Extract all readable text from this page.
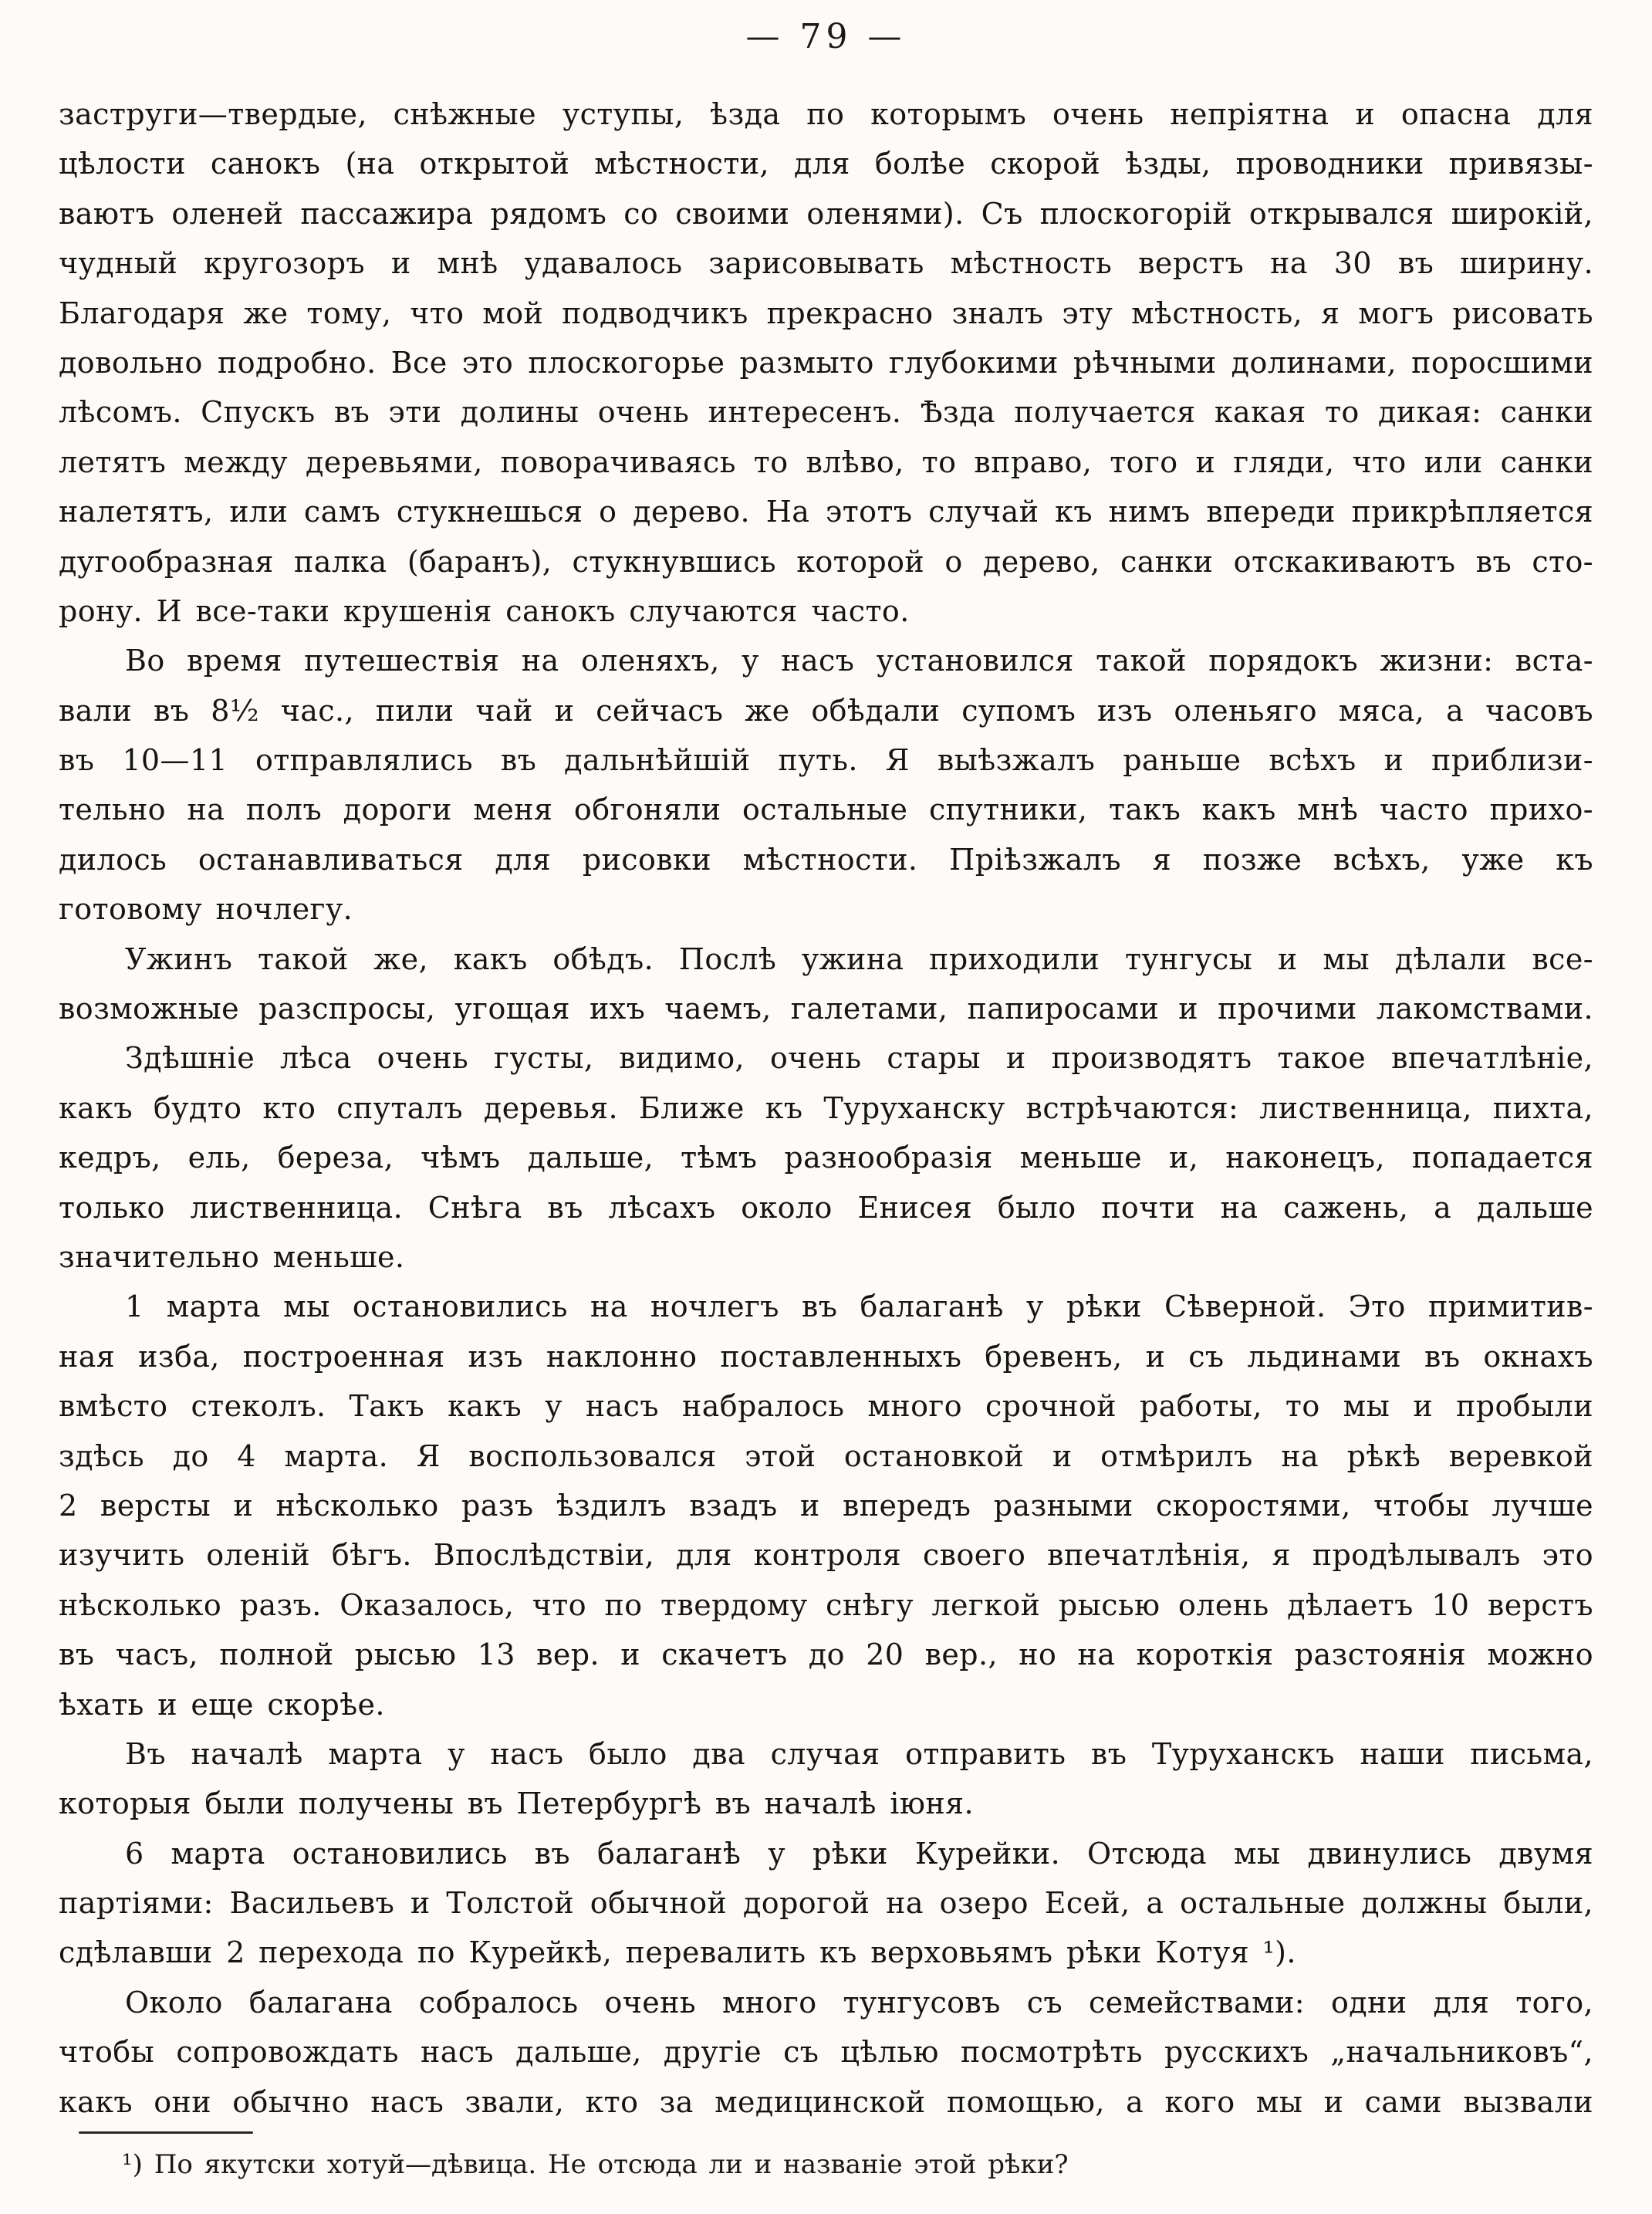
— 79 —
заструги—твердые, снѣжные уступы, ѣзда по которымъ очень непріятна и опасна для
цѣлости санокъ (на открытой мѣстности, для болѣе скорой ѣзды, проводники привязы-
ваютъ оленей пассажира рядомъ со своими оленями). Съ плоскогорій открывался широкій,
чудный кругозоръ и мнѣ удавалось зарисовывать мѣстность верстъ на 30 въ ширину.
Благодаря же тому, что мой подводчикъ прекрасно зналъ эту мѣстность, я могъ рисовать
довольно подробно. Все это плоскогорье размыто глубокими рѣчными долинами, поросшими
лѣсомъ. Спускъ въ эти долины очень интересенъ. Ѣзда получается какая то дикая: санки
летятъ между деревьями, поворачиваясь то влѣво, то вправо, того и гляди, что или санки
налетятъ, или самъ стукнешься о дерево. На этотъ случай къ нимъ впереди прикрѣпляется
дугообразная палка (баранъ), стукнувшись которой о дерево, санки отскакиваютъ въ сто-
рону. И все-таки крушенія санокъ случаются часто.
Во время путешествія на оленяхъ, у насъ установился такой порядокъ жизни: вста-
вали въ 8¹⁄₂ час., пили чай и сейчасъ же обѣдали супомъ изъ оленьяго мяса, а часовъ
въ 10—11 отправлялись въ дальнѣйшій путь. Я выѣзжалъ раньше всѣхъ и приблизи-
тельно на полъ дороги меня обгоняли остальные спутники, такъ какъ мнѣ часто прихо-
дилось останавливаться для рисовки мѣстности. Пріѣзжалъ я позже всѣхъ, уже къ
готовому ночлегу.
Ужинъ такой же, какъ обѣдъ. Послѣ ужина приходили тунгусы и мы дѣлали все-
возможные разспросы, угощая ихъ чаемъ, галетами, папиросами и прочими лакомствами.
Здѣшніе лѣса очень густы, видимо, очень стары и производятъ такое впечатлѣніе,
какъ будто кто спуталъ деревья. Ближе къ Туруханску встрѣчаются: лиственница, пихта,
кедръ, ель, береза, чѣмъ дальше, тѣмъ разнообразія меньше и, наконецъ, попадается
только лиственница. Снѣга въ лѣсахъ около Енисея было почти на сажень, а дальше
значительно меньше.
1 марта мы остановились на ночлегъ въ балаганѣ у рѣки Сѣверной. Это примитив-
ная изба, построенная изъ наклонно поставленныхъ бревенъ, и съ льдинами въ окнахъ
вмѣсто стеколъ. Такъ какъ у насъ набралось много срочной работы, то мы и пробыли
здѣсь до 4 марта. Я воспользовался этой остановкой и отмѣрилъ на рѣкѣ веревкой
2 версты и нѣсколько разъ ѣздилъ взадъ и впередъ разными скоростями, чтобы лучше
изучить оленій бѣгъ. Впослѣдствіи, для контроля своего впечатлѣнія, я продѣлывалъ это
нѣсколько разъ. Оказалось, что по твердому снѣгу легкой рысью олень дѣлаетъ 10 верстъ
въ часъ, полной рысью 13 вер. и скачетъ до 20 вер., но на короткія разстоянія можно
ѣхать и еще скорѣе.
Въ началѣ марта у насъ было два случая отправить въ Туруханскъ наши письма,
которыя были получены въ Петербургѣ въ началѣ іюня.
6 марта остановились въ балаганѣ у рѣки Курейки. Отсюда мы двинулись двумя
партіями: Васильевъ и Толстой обычной дорогой на озеро Есей, а остальные должны были,
сдѣлавши 2 перехода по Курейкѣ, перевалить къ верховьямъ рѣки Котуя ¹).
Около балагана собралось очень много тунгусовъ съ семействами: одни для того,
чтобы сопровождать насъ дальше, другіе съ цѣлью посмотрѣть русскихъ „начальниковъ“,
какъ они обычно насъ звали, кто за медицинской помощью, а кого мы и сами вызвали
¹) По якутски хотуй—дѣвица. Не отсюда ли и названіе этой рѣки?
